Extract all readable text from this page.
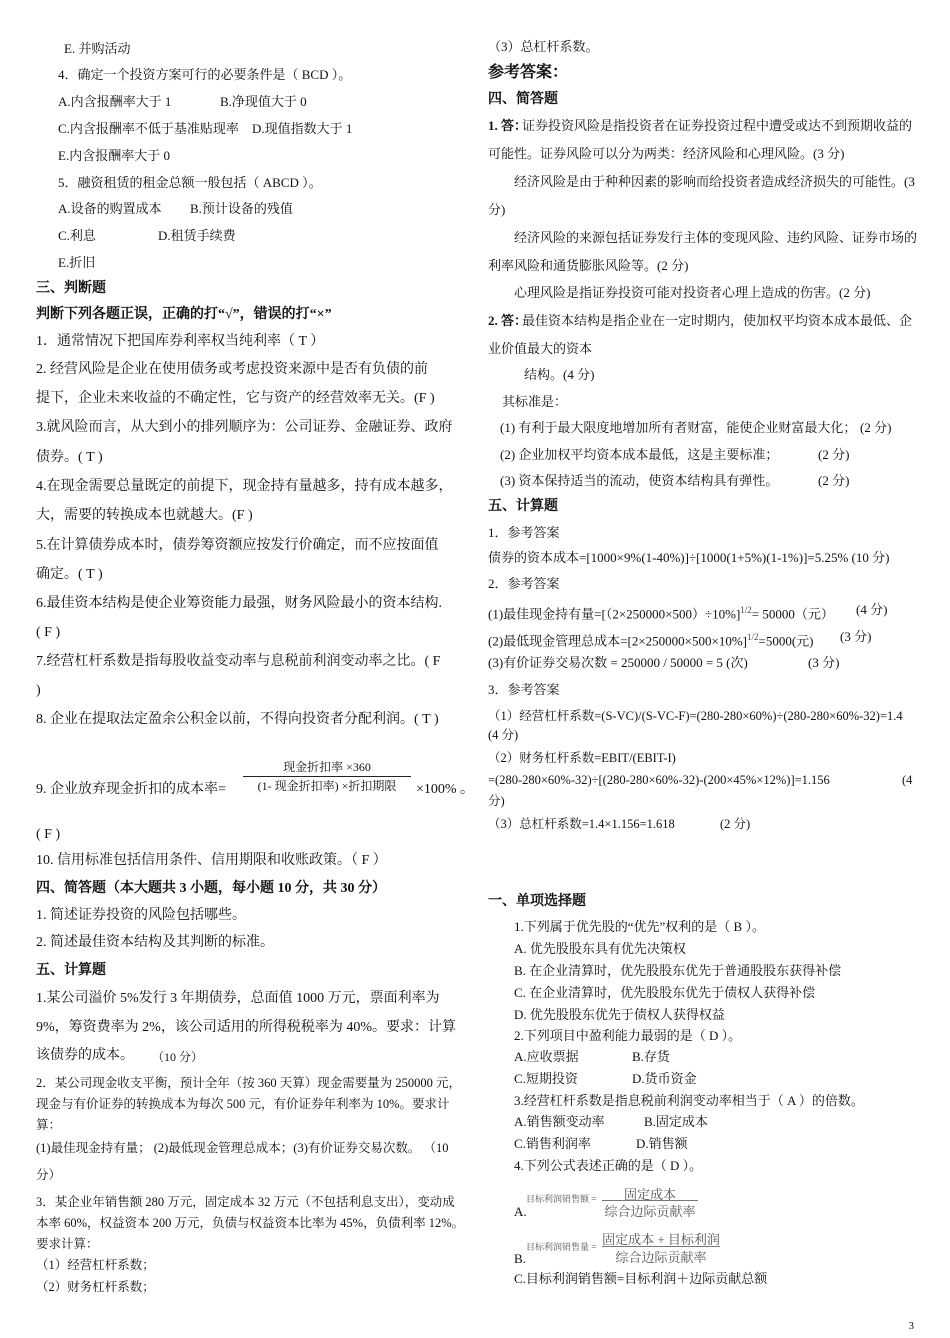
E. 并购活动
4．确定一个投资方案可行的必要条件是（ BCD ）。
A.内含报酬率大于 1	B.净现值大于 0
C.内含报酬率不低于基准贴现率 D.现值指数大于 1
E.内含报酬率大于 0
5．融资租赁的租金总额一般包括（ ABCD ）。
A.设备的购置成本 B.预计设备的残值
C.利息	D.租赁手续费
E.折旧
三、判断题
判断下列各题正误，正确的打“√”，错误的打“×”
1．通常情况下把国库券利率权当纯利率（ T ）
2. 经营风险是企业在使用债务或考虑投资来源中是否有负债的前
提下，企业未来收益的不确定性，它与资产的经营效率无关。(F )
3.就风险而言，从大到小的排列顺序为：公司证券、金融证券、政府
债券。( T )
4.在现金需要总量既定的前提下，现金持有量越多，持有成本越多，
大，需要的转换成本也就越大。(F )
5.在计算债券成本时，债券筹资额应按发行价确定，而不应按面值
确定。( T )
6.最佳资本结构是使企业筹资能力最强，财务风险最小的资本结构.
( F )
7.经营杠杆系数是指每股收益变动率与息税前利润变动率之比。( F
)
8. 企业在提取法定盈余公积金以前，不得向投资者分配利润。( T )
9. 企业放弃现金折扣的成本率=
现金折扣率 ×360
(1- 现金折扣率) ×折扣期限	×100% 。
( F )
10. 信用标准包括信用条件、信用期限和收账政策。（ F ）
四、简答题（本大题共 3 小题，每小题 10 分，共 30 分）
1. 简述证券投资的风险包括哪些。
2. 简述最佳资本结构及其判断的标准。
五、计算题
1.某公司溢价 5%发行 3 年期债券，总面值 1000 万元，票面利率为
9%，筹资费率为 2%，该公司适用的所得税税率为 40%。要求：计算
该债券的成本。 （10 分）
2．某公司现金收支平衡，预计全年（按 360 天算）现金需要量为 250000 元，
现金与有价证券的转换成本为每次 500 元，有价证券年利率为 10%。要求计
算：
(1)最佳现金持有量； (2)最低现金管理总成本；(3)有价证券交易次数。 （10
分）
3．某企业年销售额 280 万元，固定成本 32 万元（不包括利息支出），变动成
本率 60%，权益资本 200 万元，负债与权益资本比率为 45%，负债利率 12%。
要求计算：
（1）经营杠杆系数；
（2）财务杠杆系数；
（3）总杠杆系数。
参考答案：
四、简答题
1. 答：
证券投资风险是指投资者在证券投资过程中遭受或达不到预期收益的
可能性。证券风险可以分为两类：经济风险和心理风险。(3 分)
经济风险是由于种种因素的影响而给投资者造成经济损失的可能性。(3
分)
经济风险的来源包括证券发行主体的变现风险、违约风险、证券市场的
利率风险和通货膨胀风险等。(2 分)
心理风险是指证券投资可能对投资者心理上造成的伤害。(2 分)
2. 答：
最佳资本结构是指企业在一定时期内，使加权平均资本成本最低、企
业价值最大的资本
结构。(4 分)
其标准是：
(1) 有利于最大限度地增加所有者财富，能使企业财富最大化； (2 分)
(2) 企业加权平均资本成本最低，这是主要标准；	(2 分)
(3) 资本保持适当的流动，使资本结构具有弹性。	(2 分)
五、计算题
1．参考答案
债券的资本成本=[1000×9%(1-40%)]÷[1000(1+5%)(1-1%)]=5.25% (10 分)
2．参考答案
(1)最佳现金持有量$=[(2\times 250000\times 500)\div 10\%]^{1/2}= 50000$（元） (4 分)
(2)最低现金管理总成本$=[2\times 250000\times 500\times 10\%]^{1/2}=5000$(元) (3 分)
(3)有价证券交易次数 = 250000 / 50000 = 5 (次)	(3 分)
3．参考答案
（1）经营杠杆系数=(S-VC)/(S-VC-F)=(280-280×60%)÷(280-280×60%-32)=1.4
(4 分)
（2）财务杠杆系数=EBIT/(EBIT-I)
=(280-280×60%-32)÷[(280-280×60%-32)-(200×45%×12%)]=1.156	(4
分)
（3）总杠杆系数=1.4×1.156=1.618	(2 分)
一、单项选择题
1.下列属于优先股的“优先”权利的是（ B ）。
A. 优先股股东具有优先决策权
B. 在企业清算时，优先股股东优先于普通股股东获得补偿
C. 在企业清算时，优先股股东优先于债权人获得补偿
D. 优先股股东优先于债权人获得权益
2.下列项目中盈利能力最弱的是（ D ）。
A.应收票据	B.存货
C.短期投资	D.货币资金
3.经营杠杆系数是指息税前利润变动率相当于（ A ）的倍数。
A.销售额变动率	B.固定成本
C.销售利润率	D.销售额
4.下列公式表述正确的是（ D ）。
A.
目标利润销售额 =	固定成本
综合边际贡献率
B.
目标利润销售量 = 固定成本 + 目标利润
综合边际贡献率
C.目标利润销售额=目标利润＋边际贡献总额
3
